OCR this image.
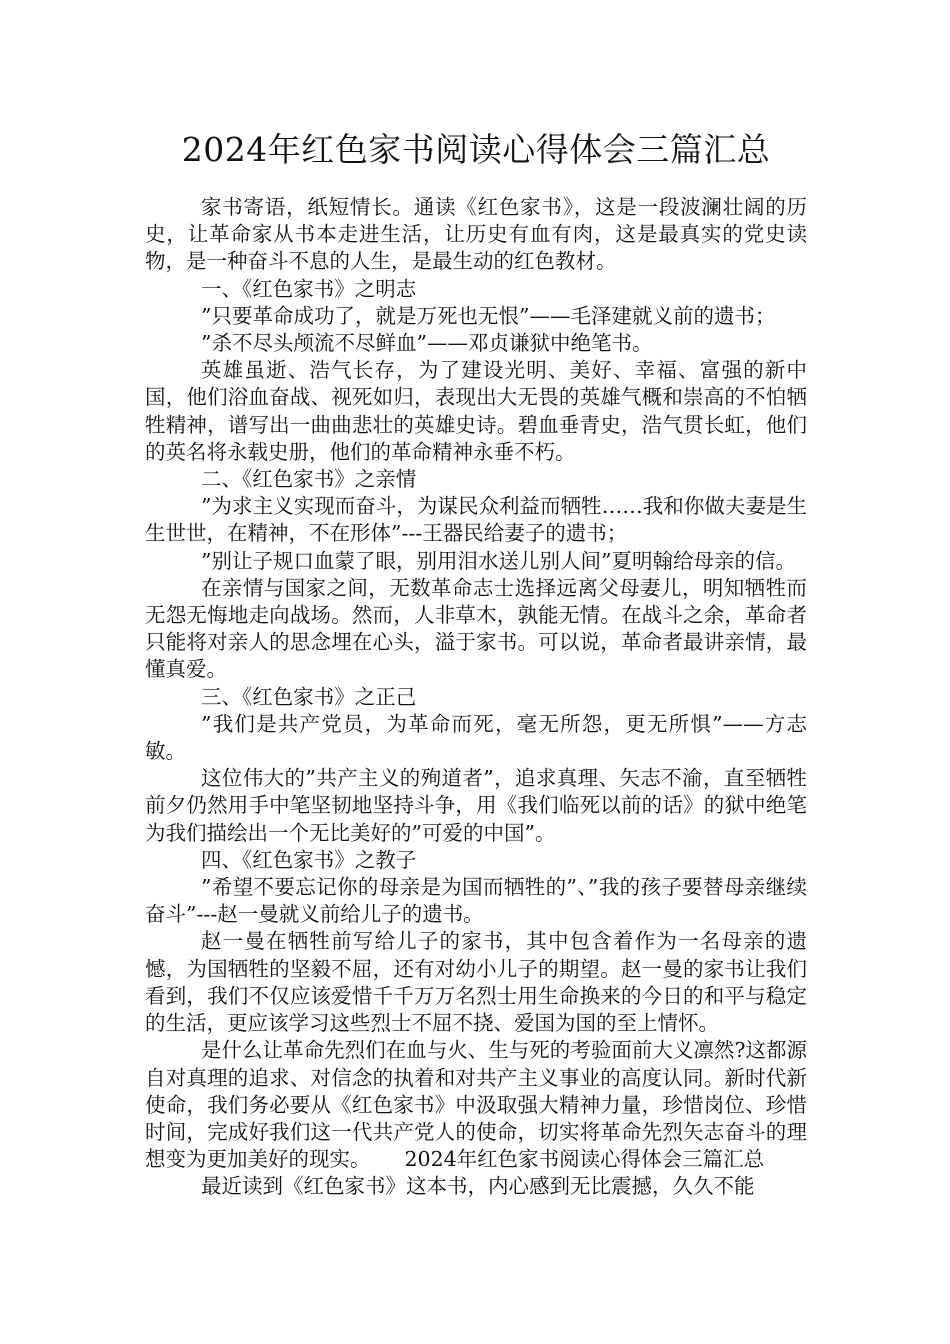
2024年红色家书阅读心得体会三篇汇总

家书寄语，纸短情长。通读《红色家书》，这是一段波澜壮阔的历史，让革命家从书本走进生活，让历史有血有肉，这是最真实的党史读物，是一种奋斗不息的人生，是最生动的红色教材。

一、《红色家书》之明志

”只要革命成功了，就是万死也无恨”——毛泽建就义前的遗书；

”杀不尽头颅流不尽鲜血”——邓贞谦狱中绝笔书。

英雄虽逝、浩气长存，为了建设光明、美好、幸福、富强的新中国，他们浴血奋战、视死如归，表现出大无畏的英雄气概和崇高的不怕牺牲精神，谱写出一曲曲悲壮的英雄史诗。碧血垂青史，浩气贯长虹，他们的英名将永载史册，他们的革命精神永垂不朽。

二、《红色家书》之亲情

”为求主义实现而奋斗，为谋民众利益而牺牲……我和你做夫妻是生生世世，在精神，不在形体”---王器民给妻子的遗书；

”别让子规口血蒙了眼，别用泪水送儿别人间”夏明翰给母亲的信。

在亲情与国家之间，无数革命志士选择远离父母妻儿，明知牺牲而无怨无悔地走向战场。然而，人非草木，孰能无情。在战斗之余，革命者只能将对亲人的思念埋在心头，溢于家书。可以说，革命者最讲亲情，最懂真爱。

三、《红色家书》之正己

”我们是共产党员，为革命而死，毫无所怨，更无所惧”——方志敏。

这位伟大的”共产主义的殉道者”，追求真理、矢志不渝，直至牺牲前夕仍然用手中笔坚韧地坚持斗争，用《我们临死以前的话》的狱中绝笔为我们描绘出一个无比美好的”可爱的中国”。

四、《红色家书》之教子

”希望不要忘记你的母亲是为国而牺牲的”、”我的孩子要替母亲继续奋斗”---赵一曼就义前给儿子的遗书。

赵一曼在牺牲前写给儿子的家书，其中包含着作为一名母亲的遗憾，为国牺牲的坚毅不屈，还有对幼小儿子的期望。赵一曼的家书让我们看到，我们不仅应该爱惜千千万万名烈士用生命换来的今日的和平与稳定的生活，更应该学习这些烈士不屈不挠、爱国为国的至上情怀。

是什么让革命先烈们在血与火、生与死的考验面前大义凛然?这都源自对真理的追求、对信念的执着和对共产主义事业的高度认同。新时代新使命，我们务必要从《红色家书》中汲取强大精神力量，珍惜岗位、珍惜时间，完成好我们这一代共产党人的使命，切实将革命先烈矢志奋斗的理想变为更加美好的现实。 2024年红色家书阅读心得体会三篇汇总

最近读到《红色家书》这本书，内心感到无比震撼，久久不能
